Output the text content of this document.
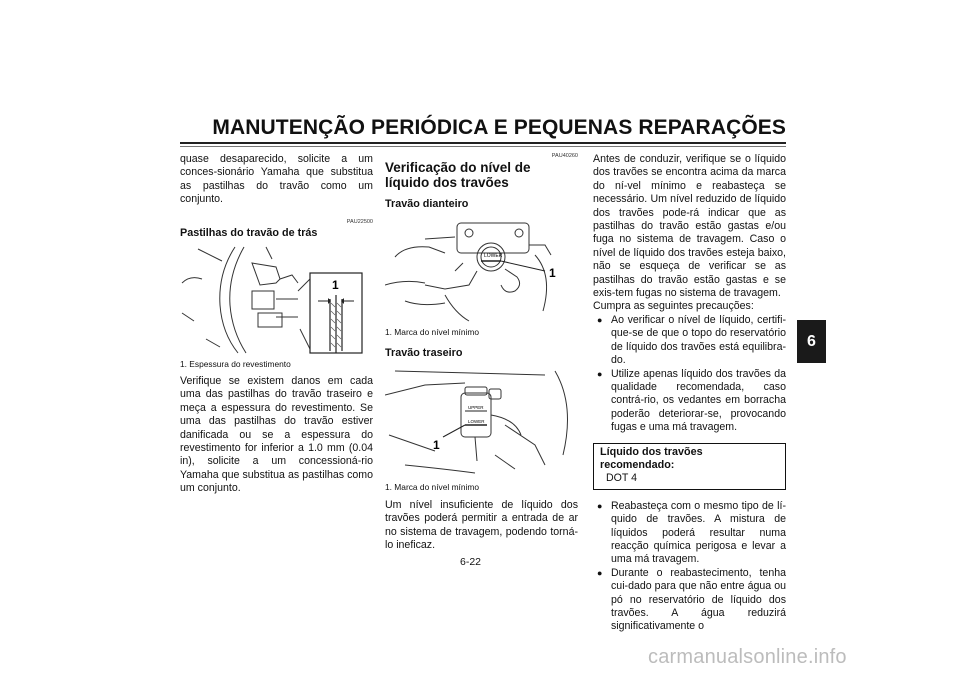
MANUTENÇÃO PERIÓDICA E PEQUENAS REPARAÇÕES
6

quase desaparecido, solicite a um conces-sionário Yamaha que substitua as pastilhas do travão como um conjunto.

PAU22500
Pastilhas do travão de trás
1
1. Espessura do revestimento

Verifique se existem danos em cada uma das pastilhas do travão traseiro e meça a espessura do revestimento. Se uma das pastilhas do travão estiver danificada ou se a espessura do revestimento for inferior a 1.0 mm (0.04 in), solicite a um concessioná-rio Yamaha que substitua as pastilhas como um conjunto.

PAU40260
Verificação do nível de líquido dos travões
Travão dianteiro
LOWER
1
1. Marca do nível mínimo
Travão traseiro
UPPER
LOWER
1
1. Marca do nível mínimo

Um nível insuficiente de líquido dos travões poderá permitir a entrada de ar no sistema de travagem, podendo torná-lo ineficaz.

Antes de conduzir, verifique se o líquido dos travões se encontra acima da marca do ní-vel mínimo e reabasteça se necessário. Um nível reduzido de líquido dos travões pode-rá indicar que as pastilhas do travão estão gastas e/ou fuga no sistema de travagem. Caso o nível de líquido dos travões esteja baixo, não se esqueça de verificar se as pastilhas do travão estão gastas e se exis-tem fugas no sistema de travagem.

Cumpra as seguintes precauções:
● Ao verificar o nível de líquido, certifi-que-se de que o topo do reservatório de líquido dos travões está equilibra-do.
● Utilize apenas líquido dos travões da qualidade recomendada, caso contrá-rio, os vedantes em borracha poderão deteriorar-se, provocando fugas e uma má travagem.
Líquido dos travões recomendado:
DOT 4
● Reabasteça com o mesmo tipo de lí-quido de travões. A mistura de líquidos poderá resultar numa reacção química perigosa e levar a uma má travagem.
● Durante o reabastecimento, tenha cui-dado para que não entre água ou pó no reservatório de líquido dos travões. A água reduzirá significativamente o
6-22
carmanualsonline.info
